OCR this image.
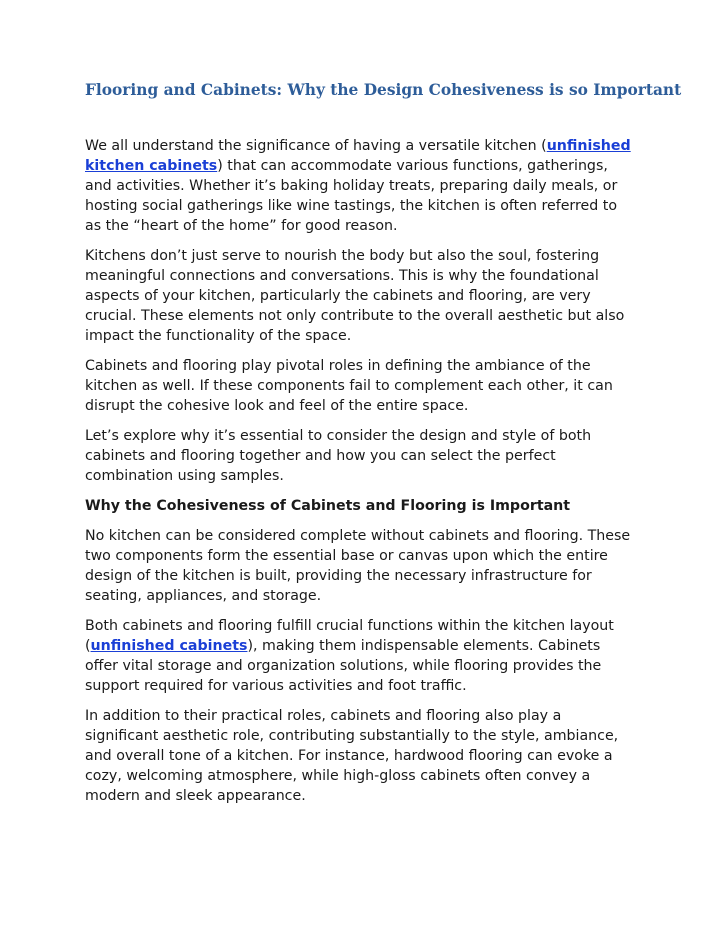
Flooring and Cabinets: Why the Design Cohesiveness is so Important

We all understand the significance of having a versatile kitchen (unfinished kitchen cabinets) that can accommodate various functions, gatherings, and activities. Whether it’s baking holiday treats, preparing daily meals, or hosting social gatherings like wine tastings, the kitchen is often referred to as the “heart of the home” for good reason.

Kitchens don’t just serve to nourish the body but also the soul, fostering meaningful connections and conversations. This is why the foundational aspects of your kitchen, particularly the cabinets and flooring, are very crucial. These elements not only contribute to the overall aesthetic but also impact the functionality of the space.

Cabinets and flooring play pivotal roles in defining the ambiance of the kitchen as well. If these components fail to complement each other, it can disrupt the cohesive look and feel of the entire space.

Let’s explore why it’s essential to consider the design and style of both cabinets and flooring together and how you can select the perfect combination using samples.

Why the Cohesiveness of Cabinets and Flooring is Important

No kitchen can be considered complete without cabinets and flooring. These two components form the essential base or canvas upon which the entire design of the kitchen is built, providing the necessary infrastructure for seating, appliances, and storage.

Both cabinets and flooring fulfill crucial functions within the kitchen layout (unfinished cabinets), making them indispensable elements. Cabinets offer vital storage and organization solutions, while flooring provides the support required for various activities and foot traffic.

In addition to their practical roles, cabinets and flooring also play a significant aesthetic role, contributing substantially to the style, ambiance, and overall tone of a kitchen. For instance, hardwood flooring can evoke a cozy, welcoming atmosphere, while high-gloss cabinets often convey a modern and sleek appearance.
